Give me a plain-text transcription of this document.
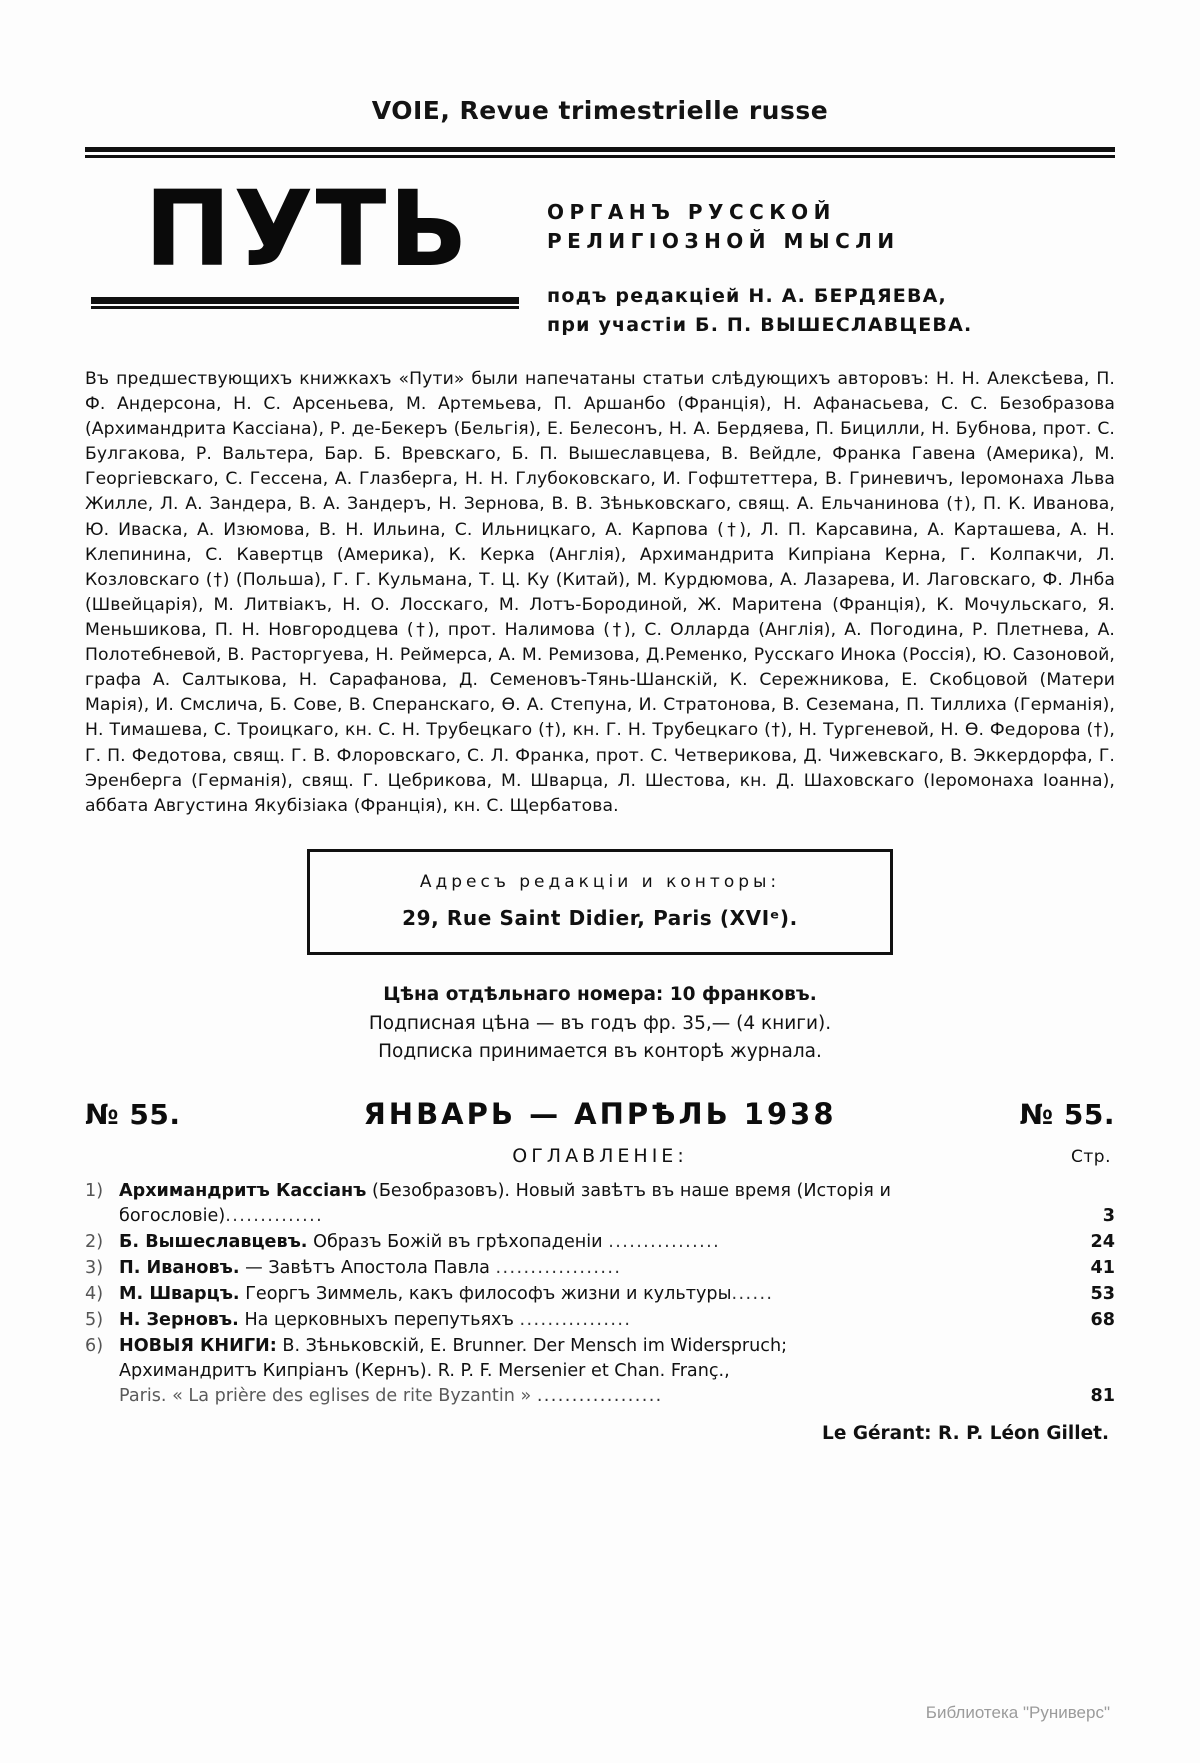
VOIE, Revue trimestrielle russe
ПУТЬ	ОРГАНЪ РУССКОЙ
РЕЛИГІОЗНОЙ МЫСЛИ
подъ редакціей Н. А. БЕРДЯЕВА,
при участіи Б. П. ВЫШЕСЛАВЦЕВА.
Въ предшествующихъ книжкахъ «Пути» были напечатаны статьи слѣдующихъ авторовъ: Н. Н. Алексѣева, П. Ф. Андерсона, Н. С. Арсеньева, М. Артемьева, П. Аршанбо (Франція), Н. Афанасьева, С. С. Безобразова (Архимандрита Кассіана), Р. де-Бекеръ (Бельгія), Е. Белесонъ, Н. А. Бердяева, П. Бицилли, Н. Бубнова, прот. С. Булгакова, Р. Вальтера, Бар. Б. Вревскаго, Б. П. Вышеславцева, В. Вейдле, Франка Гавена (Америка), М. Георгіевскаго, С. Гессена, А. Глазберга, Н. Н. Глубоковскаго, И. Гофштеттера, В. Гриневичъ, Іеромонаха Льва Жилле, Л. А. Зандера, В. А. Зандеръ, Н. Зернова, В. В. Зѣньковскаго, свящ. А. Ельчанинова (†), П. К. Иванова, Ю. Иваска, А. Изюмова, В. Н. Ильина, С. Ильницкаго, А. Карпова (†), Л. П. Карсавина, А. Карташева, А. Н. Клепинина, С. Кавертцв (Америка), К. Керка (Англія), Архимандрита Кипріана Керна, Г. Колпакчи, Л. Козловскаго (†) (Польша), Г. Г. Кульмана, Т. Ц. Ку (Китай), М. Курдюмова, А. Лазарева, И. Лаговскаго, Ф. Лнба (Швейцарія), М. Литвіакъ, Н. О. Лосскаго, М. Лотъ-Бородиной, Ж. Маритена (Франція), К. Мочульскаго, Я. Меньшикова, П. Н. Новгородцева (†), прот. Налимова (†), С. Олларда (Англія), А. Погодина, Р. Плетнева, А. Полотебневой, В. Расторгуева, Н. Реймерса, А. М. Ремизова, Д.Ременко, Русскаго Инока (Россія), Ю. Сазоновой, графа А. Салтыкова, Н. Сарафанова, Д. Семеновъ-Тянь-Шанскій, К. Сережникова, Е. Скобцовой (Матери Марія), И. Смслича, Б. Сове, В. Сперанскаго, Ѳ. А. Степуна, И. Стратонова, В. Сеземана, П. Тиллиха (Германія), Н. Тимашева, С. Троицкаго, кн. С. Н. Трубецкаго (†), кн. Г. Н. Трубецкаго (†), Н. Тургеневой, Н. Ѳ. Федорова (†), Г. П. Федотова, свящ. Г. В. Флоровскаго, С. Л. Франка, прот. С. Четверикова, Д. Чижевскаго, В. Эккердорфа, Г. Эренберга (Германія), свящ. Г. Цебрикова, М. Шварца, Л. Шестова, кн. Д. Шаховскаго (Іеромонаха Іоанна), аббата Августина Якубізіака (Франція), кн. С. Щербатова.
Адресъ редакціи и конторы:
29, Rue Saint Didier, Paris (XVIᵉ).
Цѣна отдѣльнаго номера: 10 франковъ.
Подписная цѣна — въ годъ фр. 35,— (4 книги).
Подписка принимается въ конторѣ журнала.
№ 55.	ЯНВАРЬ — АПРѢЛЬ 1938	№ 55.
ОГЛАВЛЕНІЕ:	Стр.
1) Архимандритъ Кассіанъ (Безобразовъ). Новый завѣтъ въ наше время (Исторія и богословіе)..............	3
2) Б. Вышеславцевъ. Образъ Божій въ грѣхопаденіи ................	24
3) П. Ивановъ. — Завѣтъ Апостола Павла ..................	41
4) М. Шварцъ. Георгъ Зиммель, какъ философъ жизни и культуры......	53
5) Н. Зерновъ. На церковныхъ перепутьяхъ ................	68
6) НОВЫЯ КНИГИ: В. Зѣньковскій, E. Brunner. Der Mensch im Widerspruch;
Архимандритъ Кипріанъ (Кернъ). R. P. F. Mersenier et Chan. Franç.,
Paris. « La prière des eglises de rite Byzantin » ..................	81
Le Gérant: R. P. Léon Gillet.
Библиотека "Руниверс"
